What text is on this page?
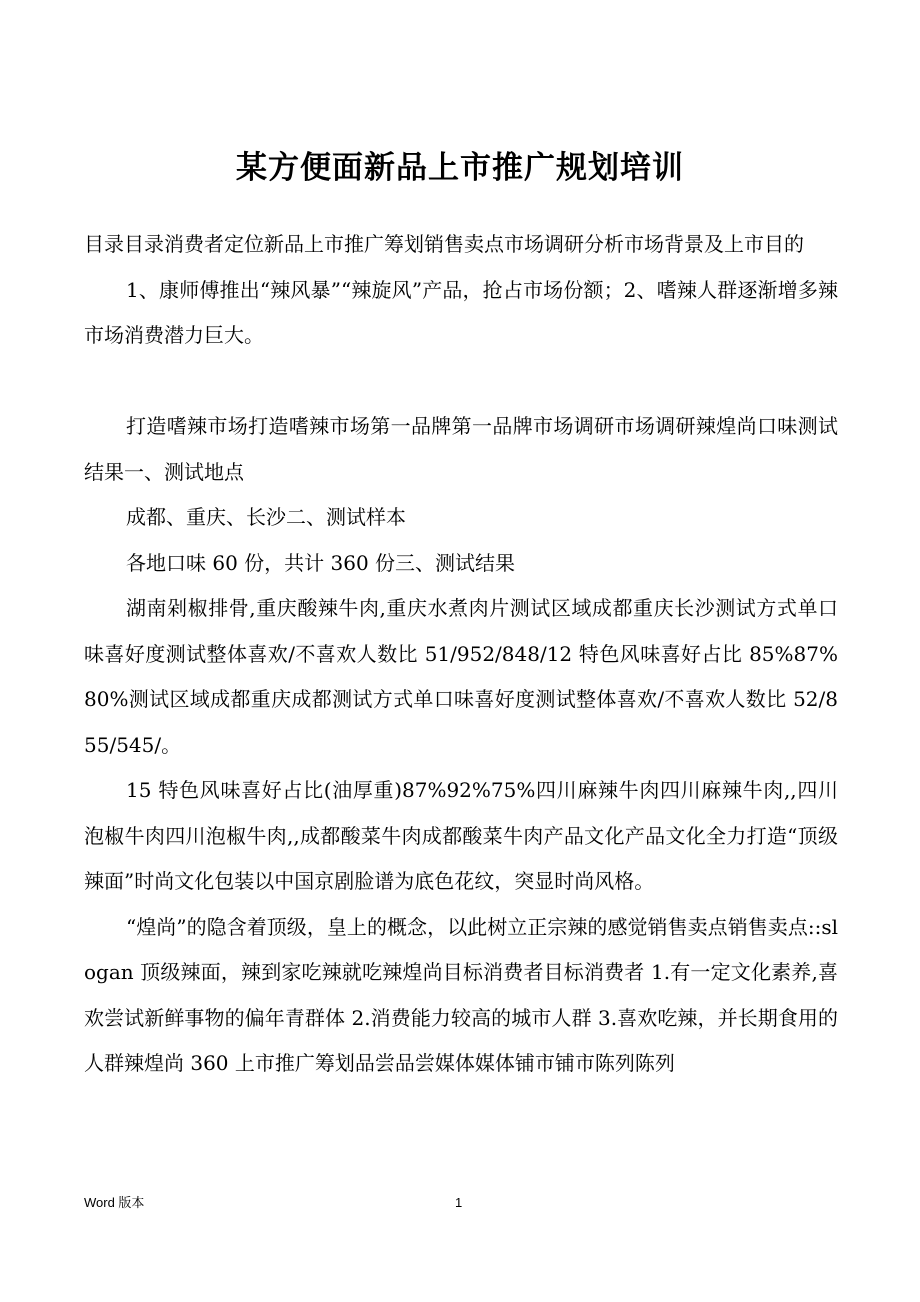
某方便面新品上市推广规划培训

目录目录消费者定位新品上市推广筹划销售卖点市场调研分析市场背景及上市目的

1、康师傅推出“辣风暴”“辣旋风”产品，抢占市场份额；2、嗜辣人群逐渐增多辣市场消费潜力巨大。

打造嗜辣市场打造嗜辣市场第一品牌第一品牌市场调研市场调研辣煌尚口味测试结果一、测试地点

成都、重庆、长沙二、测试样本

各地口味 60 份，共计 360 份三、测试结果

湖南剁椒排骨,重庆酸辣牛肉,重庆水煮肉片测试区域成都重庆长沙测试方式单口味喜好度测试整体喜欢/不喜欢人数比 51/952/848/12 特色风味喜好占比 85%87%80%测试区域成都重庆成都测试方式单口味喜好度测试整体喜欢/不喜欢人数比 52/855/545/。

15 特色风味喜好占比(油厚重)87%92%75%四川麻辣牛肉四川麻辣牛肉,,四川泡椒牛肉四川泡椒牛肉,,成都酸菜牛肉成都酸菜牛肉产品文化产品文化全力打造“顶级辣面”时尚文化包装以中国京剧脸谱为底色花纹，突显时尚风格。

“煌尚”的隐含着顶级，皇上的概念，以此树立正宗辣的感觉销售卖点销售卖点::slogan 顶级辣面，辣到家吃辣就吃辣煌尚目标消费者目标消费者 1.有一定文化素养,喜欢尝试新鲜事物的偏年青群体 2.消费能力较高的城市人群 3.喜欢吃辣，并长期食用的人群辣煌尚 360 上市推广筹划品尝品尝媒体媒体铺市铺市陈列陈列

Word 版本	1
